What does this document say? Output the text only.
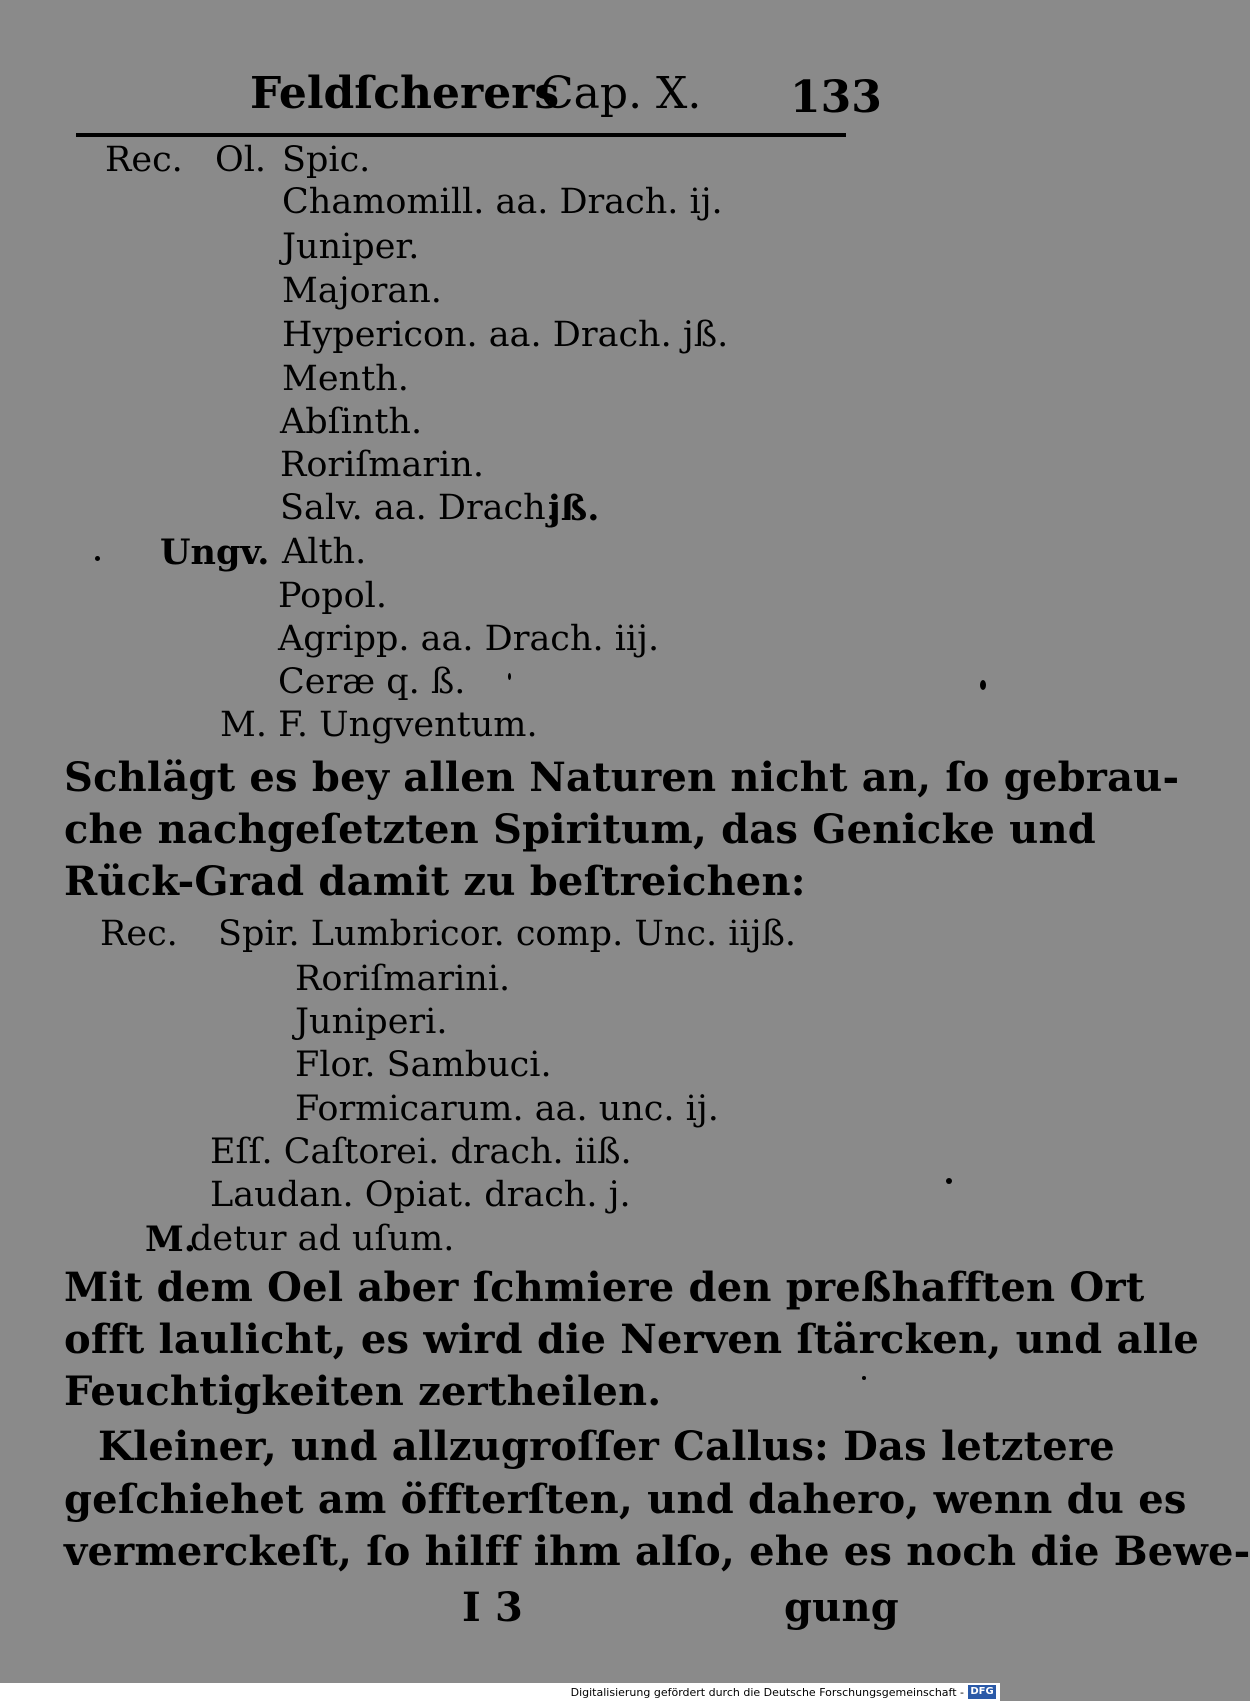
Feldſcherers
Cap. X. 133
Rec. Ol. Spic.
Chamomill. aa. Drach. ij.
Juniper.
Majoran.
Hypericon. aa. Drach. jß.
Menth.
Abſinth.
Roriſmarin.
Salv. aa. Drach.
jß.
Ungv. Alth.
Popol.
Agripp. aa. Drach. iij.
Ceræ q. ß.
M. F. Ungventum.
Schlägt es bey allen Naturen nicht an, ſo gebrau-
che nachgeſetzten Spiritum, das Genicke und
Rück-Grad damit zu beſtreichen:
Rec. Spir. Lumbricor. comp. Unc. iijß.
Roriſmarini.
Juniperi.
Flor. Sambuci.
Formicarum. aa. unc. ij.
Eſſ. Caſtorei. drach. iiß.
Laudan. Opiat. drach. j.
M.
detur ad uſum.
Mit dem Oel aber ſchmiere den preßhafften Ort
offt laulicht, es wird die Nerven ſtärcken, und alle
Feuchtigkeiten zertheilen.
Kleiner, und allzugroſſer Callus: Das letztere
geſchiehet am öffterſten, und dahero, wenn du es
vermerckeſt, ſo hilff ihm alſo, ehe es noch die Bewe-
I 3	gung
Digitalisierung gefördert durch die Deutsche Forschungsgemeinschaft - DFG
